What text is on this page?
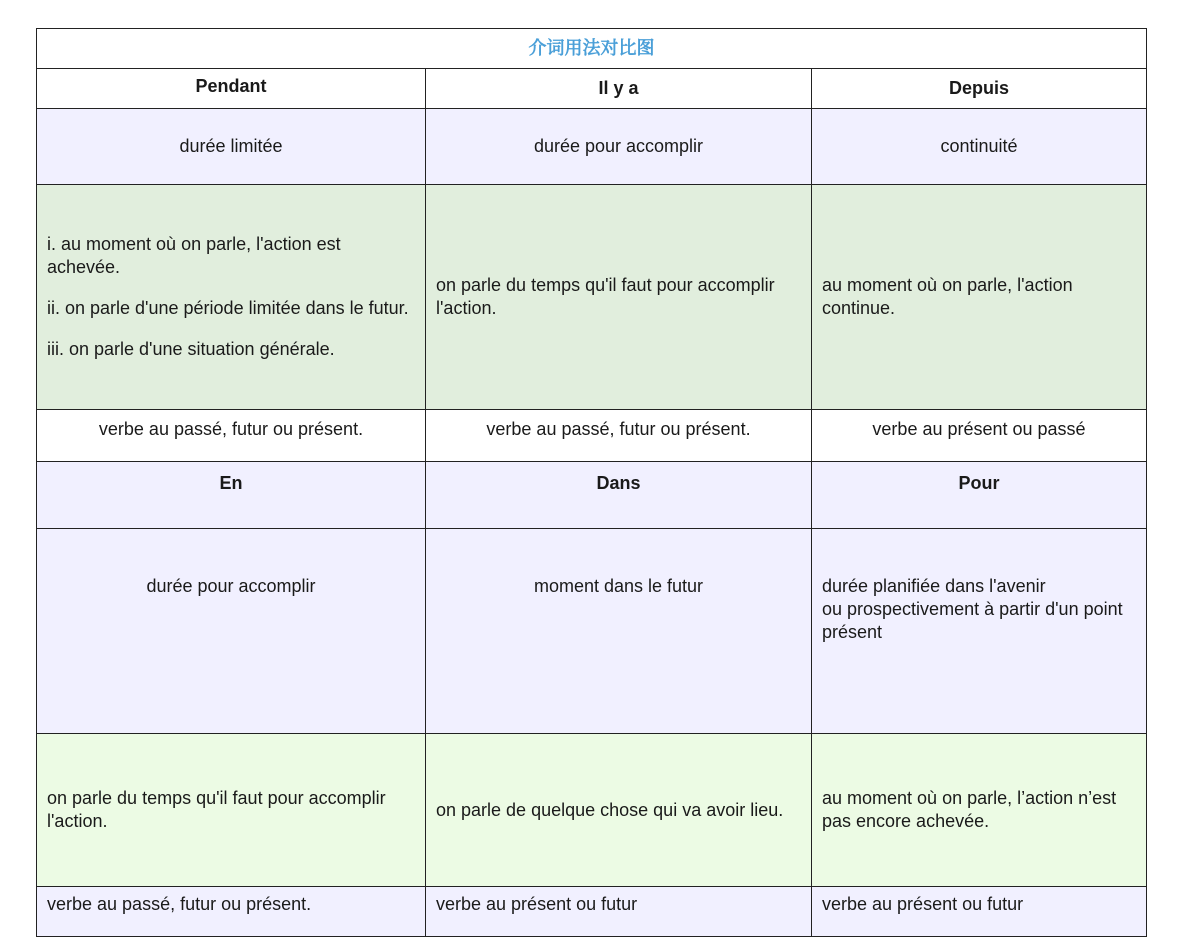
介词用法对比图		
Pendant	Il y a	Depuis
durée limitée	durée pour accomplir	continuité

i. au moment où on parle, l'action est achevée.

ii. on parle d'une période limitée dans le futur.

iii. on parle d'une situation générale.	on parle du temps qu'il faut pour accomplir l'action.	au moment où on parle, l'action continue.
verbe au passé, futur ou présent.	verbe au passé, futur ou présent.	verbe au présent ou passé
En	Dans	Pour
durée pour accomplir	moment dans le futur	durée planifiée dans l'avenir
ou prospectivement à partir d'un point présent

on parle du temps qu'il faut pour accomplir l'action.	on parle de quelque chose qui va avoir lieu.	au moment où on parle, l’action n’est pas encore achevée.
verbe au passé, futur ou présent.	verbe au présent ou futur	verbe au présent ou futur
